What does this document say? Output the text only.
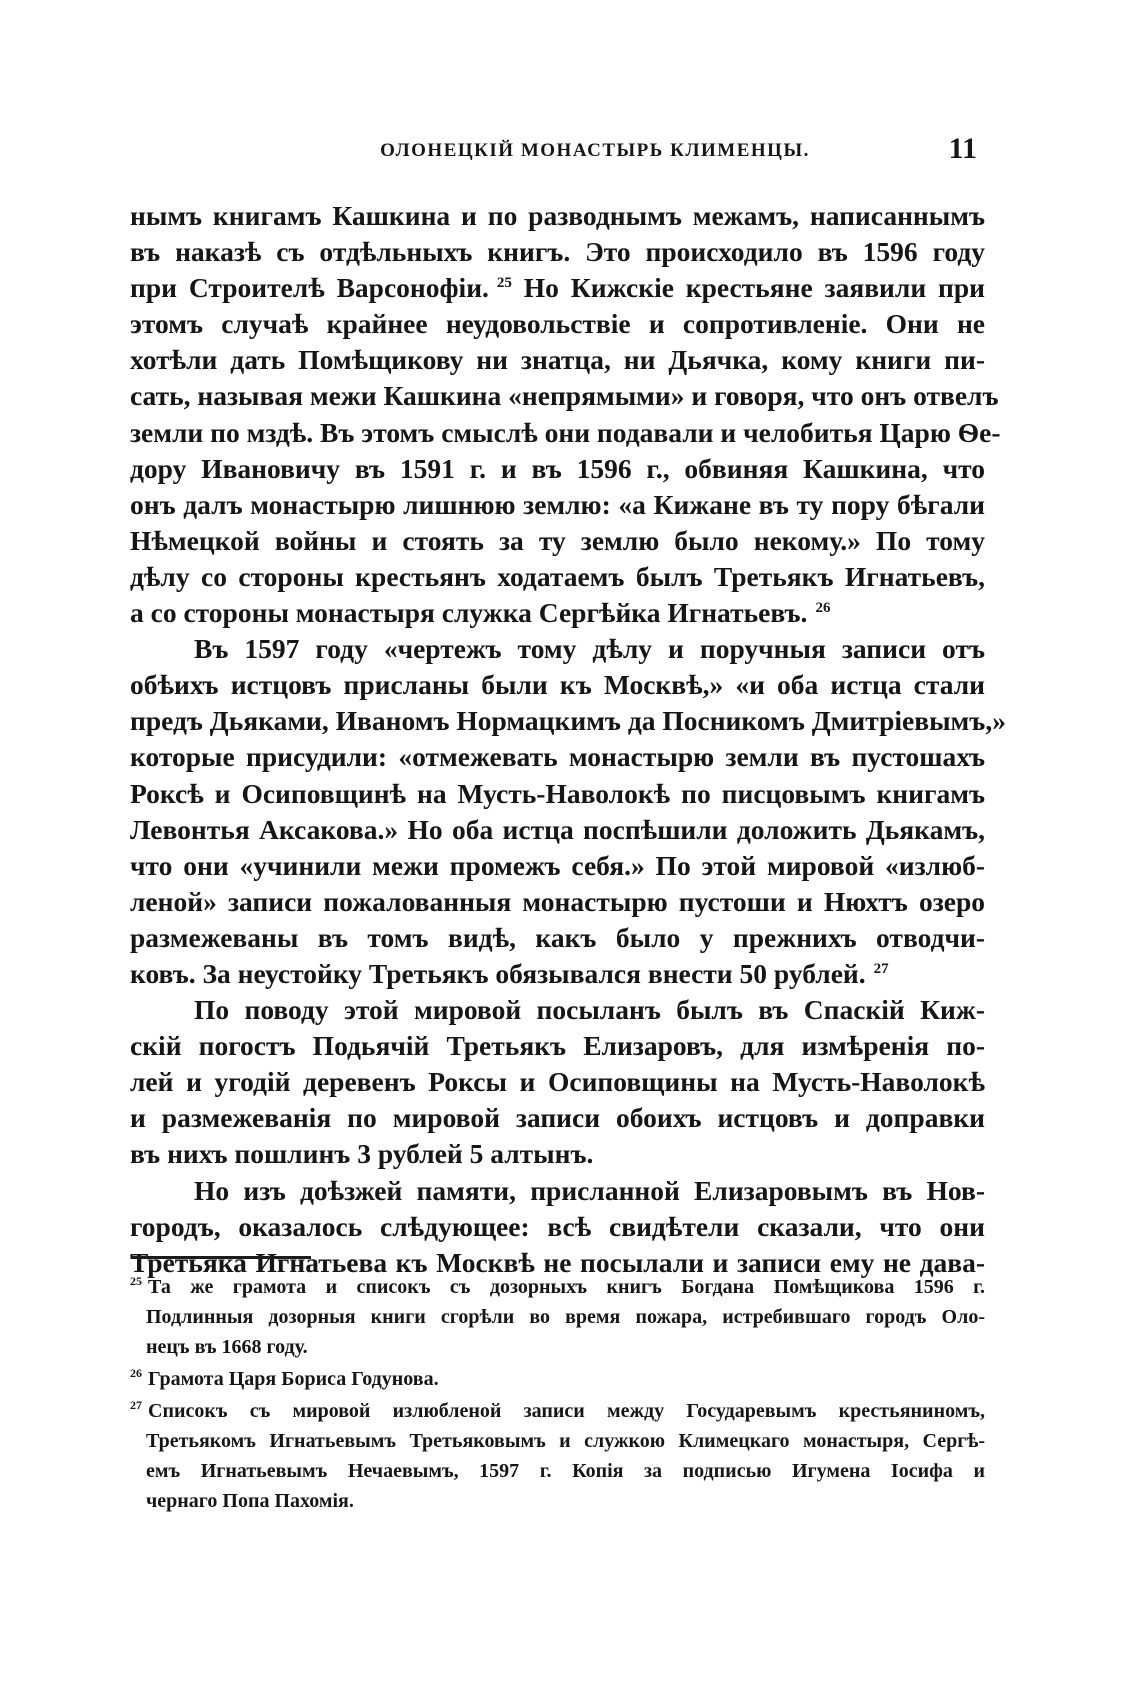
ОЛОНЕЦКІЙ МОНАСТЫРЬ КЛИМЕНЦЫ.	11
нымъ книгамъ Кашкина и по разводнымъ межамъ, написаннымъ
въ наказѣ съ отдѣльныхъ книгъ. Это происходило въ 1596 году
при Строителѣ Варсонофіи. $^{25}$ Но Кижскіе крестьяне заявили при
этомъ случаѣ крайнее неудовольствіе и сопротивленіе. Они не
хотѣли дать Помѣщикову ни знатца, ни Дьячка, кому книги пи-
сать, называя межи Кашкина «непрямыми» и говоря, что онъ отвелъ
земли по мздѣ. Въ этомъ смыслѣ они подавали и челобитья Царю Ѳе-
дору Ивановичу въ 1591 г. и въ 1596 г., обвиняя Кашкина, что
онъ далъ монастырю лишнюю землю: «а Кижане въ ту пору бѣгали
Нѣмецкой войны и стоять за ту землю было некому.» По тому
дѣлу со стороны крестьянъ ходатаемъ былъ Третьякъ Игнатьевъ,
а со стороны монастыря служка Сергѣйка Игнатьевъ. $^{26}$
Въ 1597 году «чертежъ тому дѣлу и поручныя записи отъ
обѣихъ истцовъ присланы были къ Москвѣ,» «и оба истца стали
предъ Дьяками, Иваномъ Нормацкимъ да Посникомъ Дмитріевымъ,»
которые присудили: «отмежевать монастырю земли въ пустошахъ
Роксѣ и Осиповщинѣ на Мусть-Наволокѣ по писцовымъ книгамъ
Левонтья Аксакова.» Но оба истца поспѣшили доложить Дьякамъ,
что они «учинили межи промежъ себя.» По этой мировой «излюб-
леной» записи пожалованныя монастырю пустоши и Нюхтъ озеро
размежеваны въ томъ видѣ, какъ было у прежнихъ отводчи-
ковъ. За неустойку Третьякъ обязывался внести 50 рублей. $^{27}$
По поводу этой мировой посыланъ былъ въ Спаскій Киж-
скій погостъ Подьячій Третьякъ Елизаровъ, для измѣренія по-
лей и угодій деревенъ Роксы и Осиповщины на Мусть-Наволокѣ
и размежеванія по мировой записи обоихъ истцовъ и доправки
въ нихъ пошлинъ 3 рублей 5 алтынъ.
Но изъ доѣзжей памяти, присланной Елизаровымъ въ Нов-
городъ, оказалось слѣдующее: всѣ свидѣтели сказали, что они
Третьяка Игнатьева къ Москвѣ не посылали и записи ему не дава-
$^{25}$ Та же грамота и списокъ съ дозорныхъ книгъ Богдана Помѣщикова 1596 г.
Подлинныя дозорныя книги сгорѣли во время пожара, истребившаго городъ Оло-
нецъ въ 1668 году.
$^{26}$ Грамота Царя Бориса Годунова.
$^{27}$ Списокъ съ мировой излюбленой записи между Государевымъ крестьяниномъ,
Третьякомъ Игнатьевымъ Третьяковымъ и служкою Климецкаго монастыря, Сергѣ-
емъ Игнатьевымъ Нечаевымъ, 1597 г. Копія за подписью Игумена Іосифа и
чернаго Попа Пахомія.
